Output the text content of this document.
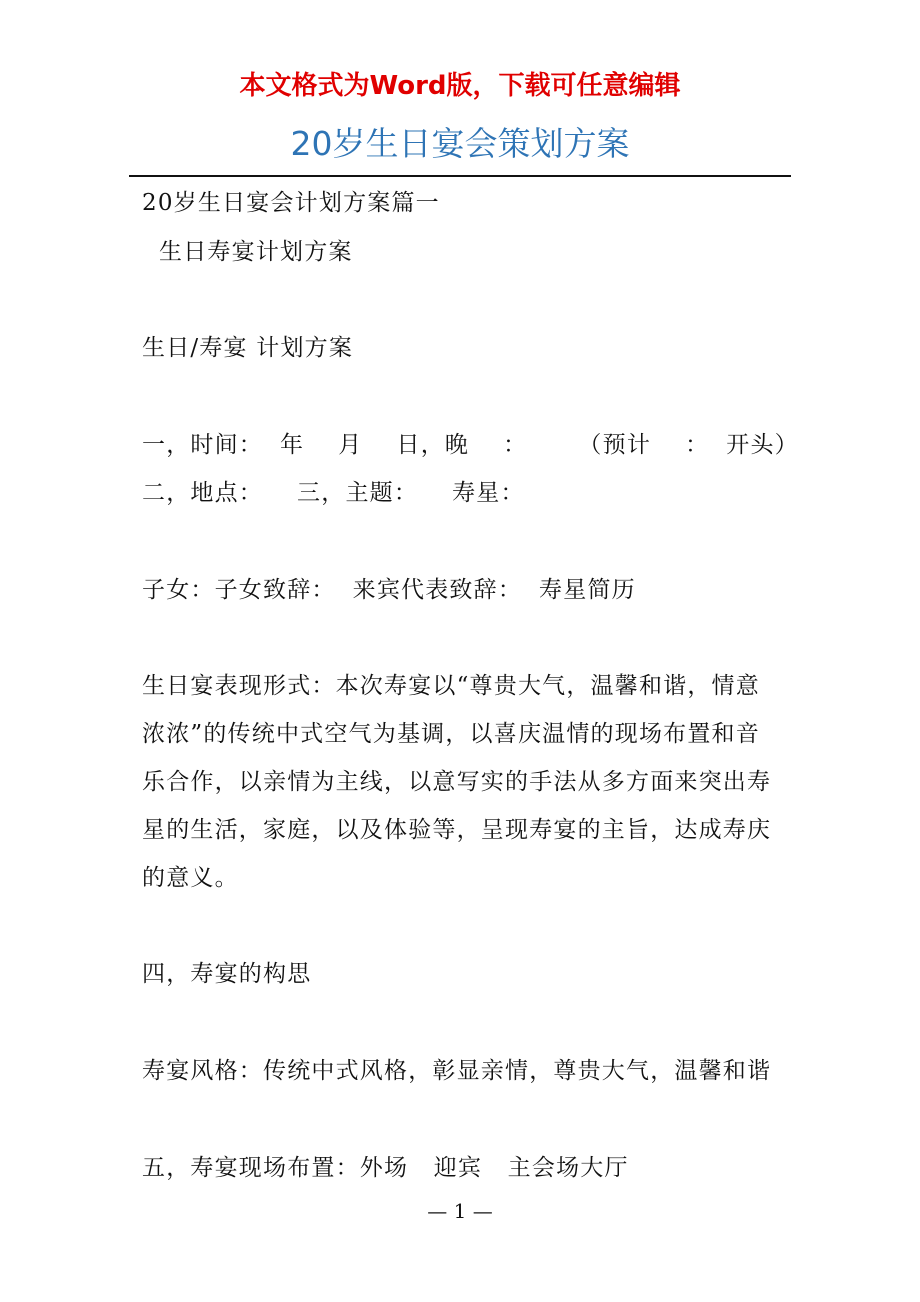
本文格式为Word版，下载可任意编辑
20岁生日宴会策划方案
20岁生日宴会计划方案篇一
生日寿宴计划方案
生日/寿宴 计划方案
一，时间：  年    月    日，晚    ：      （预计    ：  开头）
二，地点：    三，主题：    寿星：
子女：子女致辞：  来宾代表致辞：  寿星简历
生日宴表现形式：本次寿宴以“尊贵大气，温馨和谐，情意
浓浓”的传统中式空气为基调，以喜庆温情的现场布置和音
乐合作，以亲情为主线，以意写实的手法从多方面来突出寿
星的生活，家庭，以及体验等，呈现寿宴的主旨，达成寿庆
的意义。
四，寿宴的构思
寿宴风格：传统中式风格，彰显亲情，尊贵大气，温馨和谐
五，寿宴现场布置：外场   迎宾   主会场大厅
— 1 —
